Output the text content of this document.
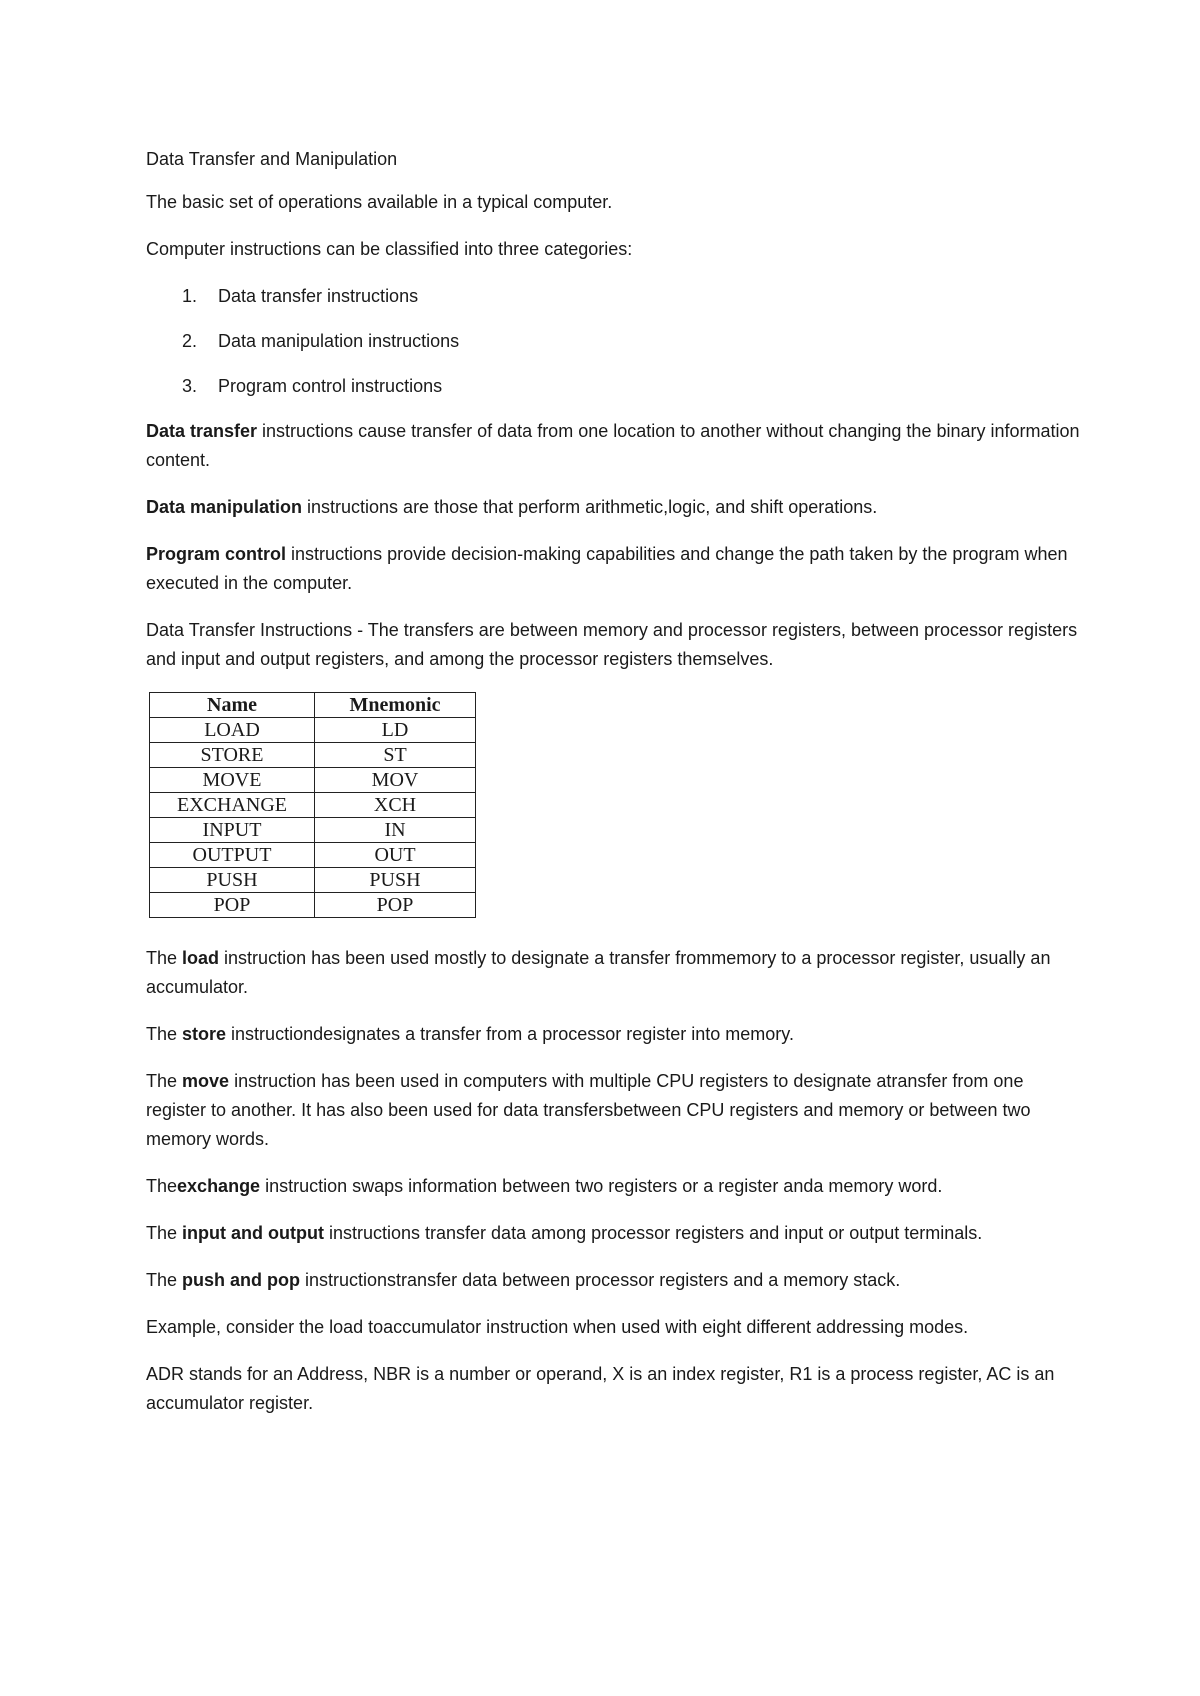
Data Transfer and Manipulation

The basic set of operations available in a typical computer.

Computer instructions can be classified into three categories:

Data transfer instructions
Data manipulation instructions
Program control instructions

Data transfer instructions cause transfer of data from one location to another without changing the binary information content.

Data manipulation instructions are those that perform arithmetic,logic, and shift operations.

Program control instructions provide decision-making capabilities and change the path taken by the program when executed in the computer.

Data Transfer Instructions - The transfers are between memory and processor registers, between processor registers and input and output registers, and among the processor registers themselves.

Name	Mnemonic
LOAD	LD
STORE	ST
MOVE	MOV
EXCHANGE	XCH
INPUT	IN
OUTPUT	OUT
PUSH	PUSH
POP	POP

The load instruction has been used mostly to designate a transfer frommemory to a processor register, usually an accumulator.

The store instructiondesignates a transfer from a processor register into memory.

The move instruction has been used in computers with multiple CPU registers to designate atransfer from one register to another. It has also been used for data transfersbetween CPU registers and memory or between two memory words.

Theexchange instruction swaps information between two registers or a register anda memory word.

The input and output instructions transfer data among processor registers and input or output terminals.

The push and pop instructionstransfer data between processor registers and a memory stack.

Example, consider the load toaccumulator instruction when used with eight different addressing modes.

ADR stands for an Address, NBR is a number or operand, X is an index register, R1 is a process register, AC is an accumulator register.
